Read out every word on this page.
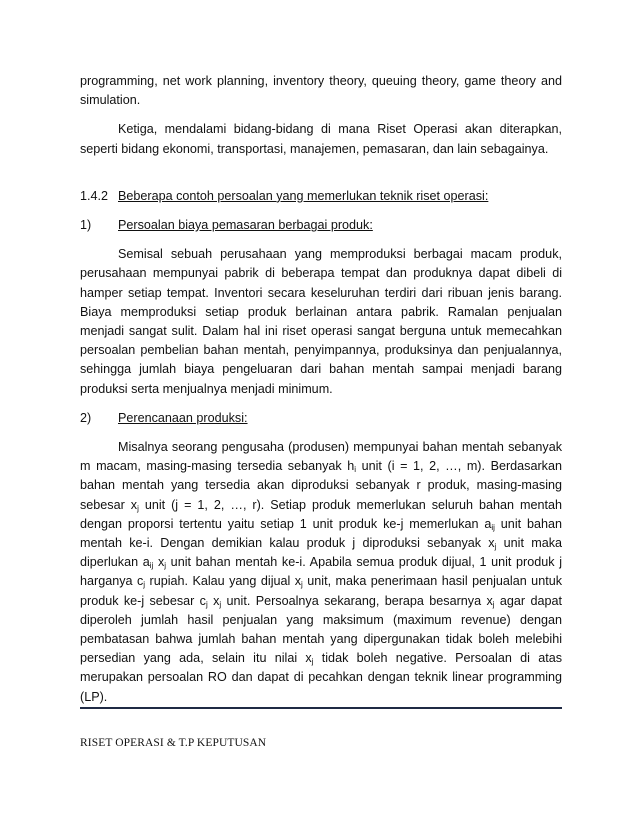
programming, net work planning, inventory theory, queuing theory, game theory and simulation.

Ketiga, mendalami bidang-bidang di mana Riset Operasi akan diterapkan, seperti bidang ekonomi, transportasi, manajemen, pemasaran, dan lain sebagainya.

1.4.2 Beberapa contoh persoalan yang memerlukan teknik riset operasi:
1)	Persoalan biaya pemasaran berbagai produk:

Semisal sebuah perusahaan yang memproduksi berbagai macam produk, perusahaan mempunyai pabrik di beberapa tempat dan produknya dapat dibeli di hamper setiap tempat. Inventori secara keseluruhan terdiri dari ribuan jenis barang. Biaya memproduksi setiap produk berlainan antara pabrik. Ramalan penjualan menjadi sangat sulit. Dalam hal ini riset operasi sangat berguna untuk memecahkan persoalan pembelian bahan mentah, penyimpannya, produksinya dan penjualannya, sehingga jumlah biaya pengeluaran dari bahan mentah sampai menjadi barang produksi serta menjualnya menjadi minimum.

2)	Perencanaan produksi:

Misalnya seorang pengusaha (produsen) mempunyai bahan mentah sebanyak m macam, masing-masing tersedia sebanyak $h_i$ unit (i = 1, 2, …, m). Berdasarkan bahan mentah yang tersedia akan diproduksi sebanyak r produk, masing-masing sebesar $x_j$ unit (j = 1, 2, …, r). Setiap produk memerlukan seluruh bahan mentah dengan proporsi tertentu yaitu setiap 1 unit produk ke-j memerlukan $a_{ij}$ unit bahan mentah ke-i. Dengan demikian kalau produk j diproduksi sebanyak $x_j$ unit maka diperlukan $a_{ij}$ $x_j$ unit bahan mentah ke-i. Apabila semua produk dijual, 1 unit produk j harganya $c_j$ rupiah. Kalau yang dijual $x_j$ unit, maka penerimaan hasil penjualan untuk produk ke-j sebesar $c_j$ $x_j$ unit. Persoalnya sekarang, berapa besarnya $x_j$ agar dapat diperoleh jumlah hasil penjualan yang maksimum (maximum revenue) dengan pembatasan bahwa jumlah bahan mentah yang dipergunakan tidak boleh melebihi persedian yang ada, selain itu nilai $x_j$ tidak boleh negative. Persoalan di atas merupakan persoalan RO dan dapat di pecahkan dengan teknik linear programming (LP).

RISET OPERASI & T.P KEPUTUSAN
